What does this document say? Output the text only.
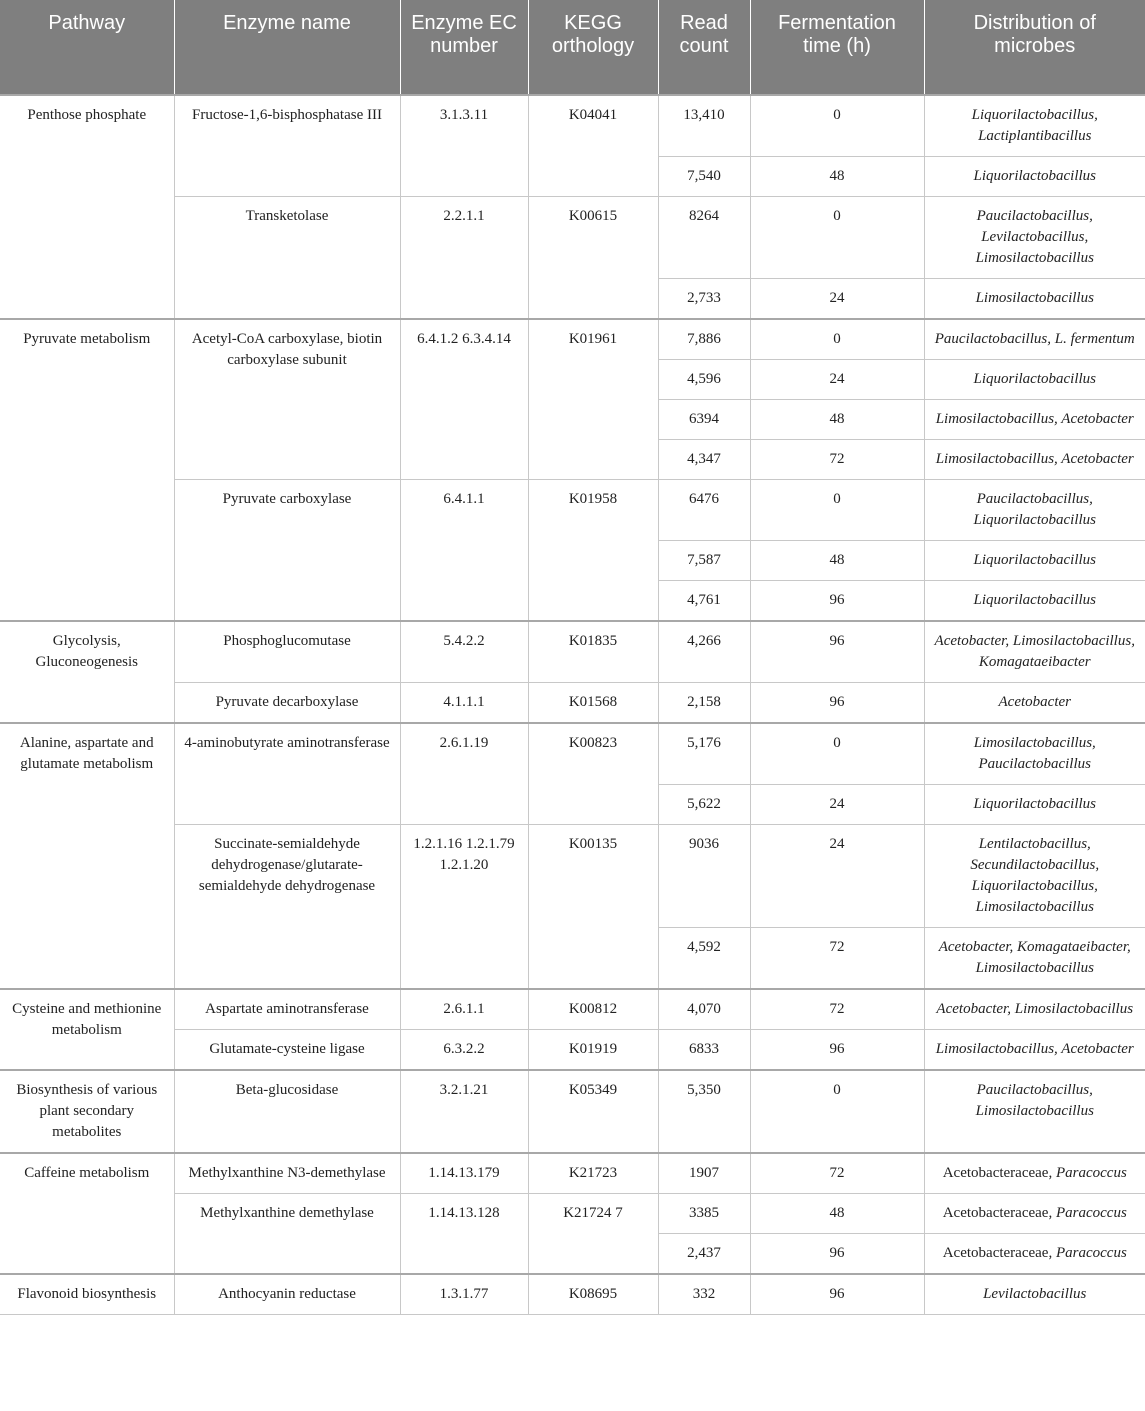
Pathway	Enzyme name	Enzyme EC number	KEGG orthology	Read count	Fermentation time (h)	Distribution of microbes
Penthose phosphate	Fructose-1,6-bisphosphatase III	3.1.3.11	K04041	13,410	0	Liquorilactobacillus, Lactiplantibacillus
				7,540	48	Liquorilactobacillus
	Transketolase	2.2.1.1	K00615	8264	0	Paucilactobacillus, Levilactobacillus, Limosilactobacillus
				2,733	24	Limosilactobacillus
Pyruvate metabolism	Acetyl-CoA carboxylase, biotin carboxylase subunit	6.4.1.2 6.3.4.14	K01961	7,886	0	Paucilactobacillus, L. fermentum
				4,596	24	Liquorilactobacillus
				6394	48	Limosilactobacillus, Acetobacter
				4,347	72	Limosilactobacillus, Acetobacter
	Pyruvate carboxylase	6.4.1.1	K01958	6476	0	Paucilactobacillus, Liquorilactobacillus
				7,587	48	Liquorilactobacillus
				4,761	96	Liquorilactobacillus
Glycolysis, Gluconeogenesis	Phosphoglucomutase	5.4.2.2	K01835	4,266	96	Acetobacter, Limosilactobacillus, Komagataeibacter
	Pyruvate decarboxylase	4.1.1.1	K01568	2,158	96	Acetobacter
Alanine, aspartate and glutamate metabolism	4-aminobutyrate aminotransferase	2.6.1.19	K00823	5,176	0	Limosilactobacillus, Paucilactobacillus
				5,622	24	Liquorilactobacillus
	Succinate-semialdehyde dehydrogenase/glutarate-semialdehyde dehydrogenase	1.2.1.16 1.2.1.79 1.2.1.20	K00135	9036	24	Lentilactobacillus, Secundilactobacillus, Liquorilactobacillus, Limosilactobacillus
				4,592	72	Acetobacter, Komagataeibacter, Limosilactobacillus
Cysteine and methionine metabolism	Aspartate aminotransferase	2.6.1.1	K00812	4,070	72	Acetobacter, Limosilactobacillus
	Glutamate-cysteine ligase	6.3.2.2	K01919	6833	96	Limosilactobacillus, Acetobacter
Biosynthesis of various plant secondary metabolites	Beta-glucosidase	3.2.1.21	K05349	5,350	0	Paucilactobacillus, Limosilactobacillus
Caffeine metabolism	Methylxanthine N3-demethylase	1.14.13.179	K21723	1907	72	Acetobacteraceae, Paracoccus
	Methylxanthine demethylase	1.14.13.128	K21724 7	3385	48	Acetobacteraceae, Paracoccus
				2,437	96	Acetobacteraceae, Paracoccus
Flavonoid biosynthesis	Anthocyanin reductase	1.3.1.77	K08695	332	96	Levilactobacillus
